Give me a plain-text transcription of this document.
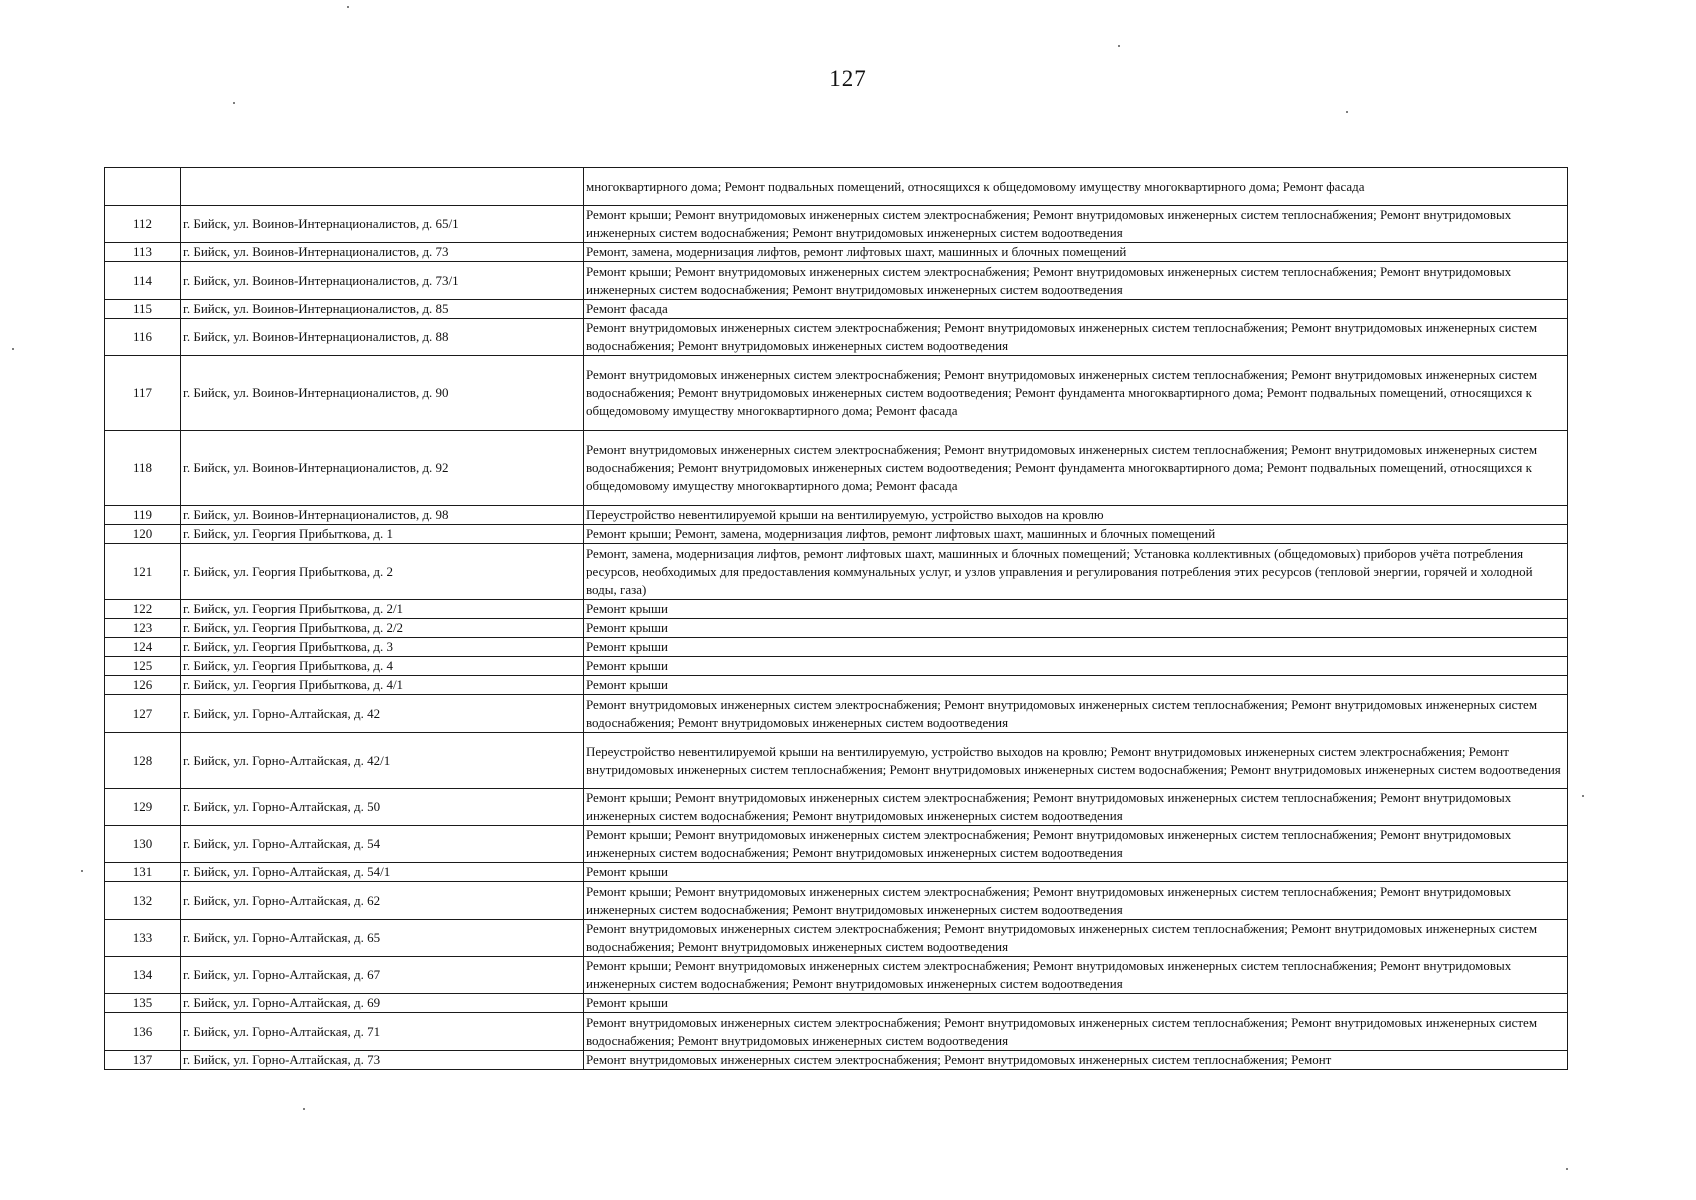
127
		многоквартирного дома; Ремонт подвальных помещений, относящихся к общедомовому имуществу многоквартирного дома; Ремонт фасада
112	г. Бийск, ул. Воинов-Интернационалистов, д. 65/1	Ремонт крыши; Ремонт внутридомовых инженерных систем электроснабжения; Ремонт внутридомовых инженерных систем теплоснабжения; Ремонт внутридомовых инженерных систем водоснабжения; Ремонт внутридомовых инженерных систем водоотведения
113	г. Бийск, ул. Воинов-Интернационалистов, д. 73	Ремонт, замена, модернизация лифтов, ремонт лифтовых шахт, машинных и блочных помещений
114	г. Бийск, ул. Воинов-Интернационалистов, д. 73/1	Ремонт крыши; Ремонт внутридомовых инженерных систем электроснабжения; Ремонт внутридомовых инженерных систем теплоснабжения; Ремонт внутридомовых инженерных систем водоснабжения; Ремонт внутридомовых инженерных систем водоотведения
115	г. Бийск, ул. Воинов-Интернационалистов, д. 85	Ремонт фасада
116	г. Бийск, ул. Воинов-Интернационалистов, д. 88	Ремонт внутридомовых инженерных систем электроснабжения; Ремонт внутридомовых инженерных систем теплоснабжения; Ремонт внутридомовых инженерных систем водоснабжения; Ремонт внутридомовых инженерных систем водоотведения
117	г. Бийск, ул. Воинов-Интернационалистов, д. 90	Ремонт внутридомовых инженерных систем электроснабжения; Ремонт внутридомовых инженерных систем теплоснабжения; Ремонт внутридомовых инженерных систем водоснабжения; Ремонт внутридомовых инженерных систем водоотведения; Ремонт фундамента многоквартирного дома; Ремонт подвальных помещений, относящихся к общедомовому имуществу многоквартирного дома; Ремонт фасада
118	г. Бийск, ул. Воинов-Интернационалистов, д. 92	Ремонт внутридомовых инженерных систем электроснабжения; Ремонт внутридомовых инженерных систем теплоснабжения; Ремонт внутридомовых инженерных систем водоснабжения; Ремонт внутридомовых инженерных систем водоотведения; Ремонт фундамента многоквартирного дома; Ремонт подвальных помещений, относящихся к общедомовому имуществу многоквартирного дома; Ремонт фасада
119	г. Бийск, ул. Воинов-Интернационалистов, д. 98	Переустройство невентилируемой крыши на вентилируемую, устройство выходов на кровлю
120	г. Бийск, ул. Георгия Прибыткова, д. 1	Ремонт крыши; Ремонт, замена, модернизация лифтов, ремонт лифтовых шахт, машинных и блочных помещений
121	г. Бийск, ул. Георгия Прибыткова, д. 2	Ремонт, замена, модернизация лифтов, ремонт лифтовых шахт, машинных и блочных помещений; Установка коллективных (общедомовых) приборов учёта потребления ресурсов, необходимых для предоставления коммунальных услуг, и узлов управления и регулирования потребления этих ресурсов (тепловой энергии, горячей и холодной воды, газа)
122	г. Бийск, ул. Георгия Прибыткова, д. 2/1	Ремонт крыши
123	г. Бийск, ул. Георгия Прибыткова, д. 2/2	Ремонт крыши
124	г. Бийск, ул. Георгия Прибыткова, д. 3	Ремонт крыши
125	г. Бийск, ул. Георгия Прибыткова, д. 4	Ремонт крыши
126	г. Бийск, ул. Георгия Прибыткова, д. 4/1	Ремонт крыши
127	г. Бийск, ул. Горно-Алтайская, д. 42	Ремонт внутридомовых инженерных систем электроснабжения; Ремонт внутридомовых инженерных систем теплоснабжения; Ремонт внутридомовых инженерных систем водоснабжения; Ремонт внутридомовых инженерных систем водоотведения
128	г. Бийск, ул. Горно-Алтайская, д. 42/1	Переустройство невентилируемой крыши на вентилируемую, устройство выходов на кровлю; Ремонт внутридомовых инженерных систем электроснабжения; Ремонт внутридомовых инженерных систем теплоснабжения; Ремонт внутридомовых инженерных систем водоснабжения; Ремонт внутридомовых инженерных систем водоотведения
129	г. Бийск, ул. Горно-Алтайская, д. 50	Ремонт крыши; Ремонт внутридомовых инженерных систем электроснабжения; Ремонт внутридомовых инженерных систем теплоснабжения; Ремонт внутридомовых инженерных систем водоснабжения; Ремонт внутридомовых инженерных систем водоотведения
130	г. Бийск, ул. Горно-Алтайская, д. 54	Ремонт крыши; Ремонт внутридомовых инженерных систем электроснабжения; Ремонт внутридомовых инженерных систем теплоснабжения; Ремонт внутридомовых инженерных систем водоснабжения; Ремонт внутридомовых инженерных систем водоотведения
131	г. Бийск, ул. Горно-Алтайская, д. 54/1	Ремонт крыши
132	г. Бийск, ул. Горно-Алтайская, д. 62	Ремонт крыши; Ремонт внутридомовых инженерных систем электроснабжения; Ремонт внутридомовых инженерных систем теплоснабжения; Ремонт внутридомовых инженерных систем водоснабжения; Ремонт внутридомовых инженерных систем водоотведения
133	г. Бийск, ул. Горно-Алтайская, д. 65	Ремонт внутридомовых инженерных систем электроснабжения; Ремонт внутридомовых инженерных систем теплоснабжения; Ремонт внутридомовых инженерных систем водоснабжения; Ремонт внутридомовых инженерных систем водоотведения
134	г. Бийск, ул. Горно-Алтайская, д. 67	Ремонт крыши; Ремонт внутридомовых инженерных систем электроснабжения; Ремонт внутридомовых инженерных систем теплоснабжения; Ремонт внутридомовых инженерных систем водоснабжения; Ремонт внутридомовых инженерных систем водоотведения
135	г. Бийск, ул. Горно-Алтайская, д. 69	Ремонт крыши
136	г. Бийск, ул. Горно-Алтайская, д. 71	Ремонт внутридомовых инженерных систем электроснабжения; Ремонт внутридомовых инженерных систем теплоснабжения; Ремонт внутридомовых инженерных систем водоснабжения; Ремонт внутридомовых инженерных систем водоотведения
137	г. Бийск, ул. Горно-Алтайская, д. 73	Ремонт внутридомовых инженерных систем электроснабжения; Ремонт внутридомовых инженерных систем теплоснабжения; Ремонт
